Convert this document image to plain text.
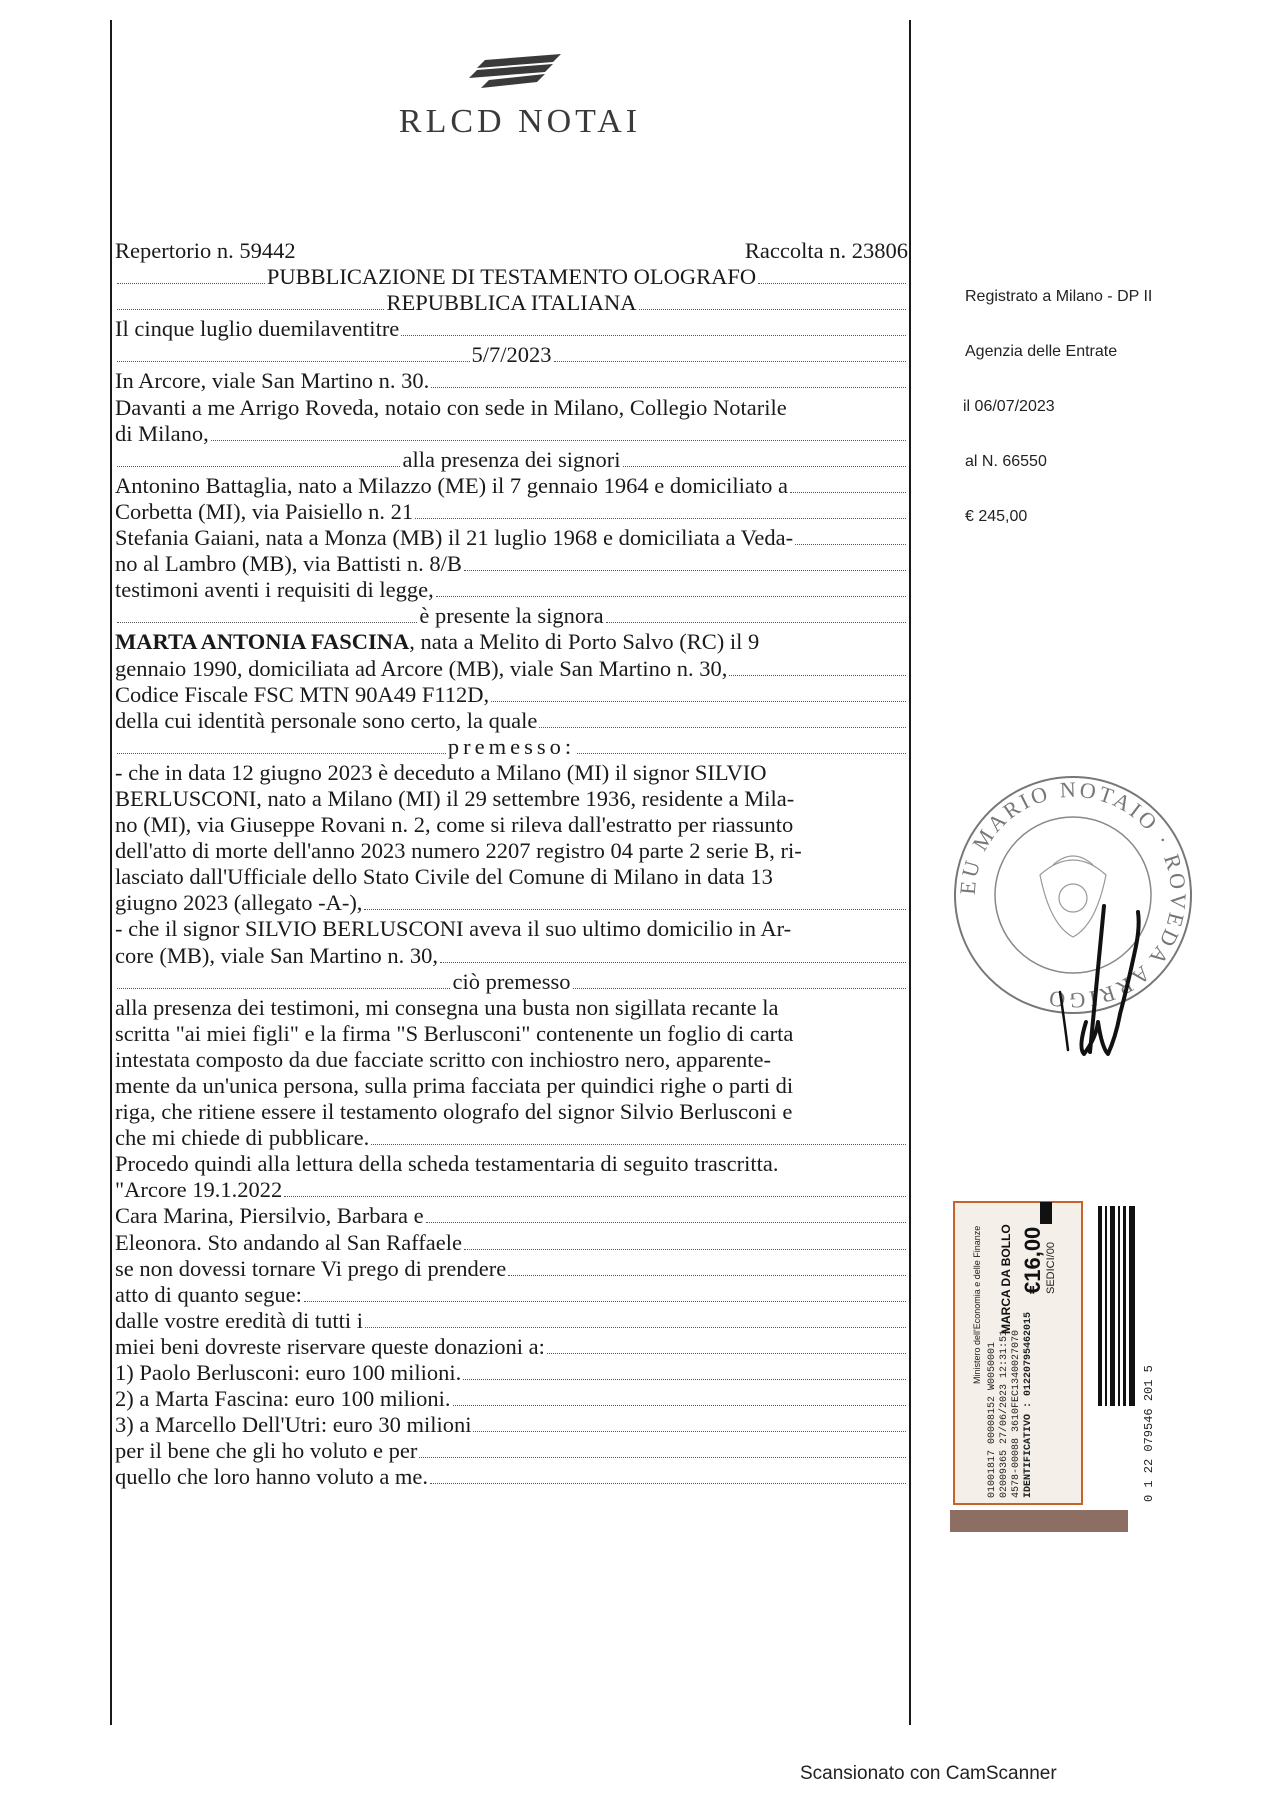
RLCD NOTAI
Repertorio n. 59442	Raccolta n. 23806
PUBBLICAZIONE DI TESTAMENTO OLOGRAFO
REPUBBLICA ITALIANA
Il cinque luglio duemilaventitre
5/7/2023
In Arcore, viale San Martino n. 30.
Davanti a me Arrigo Roveda, notaio con sede in Milano, Collegio Notarile
di Milano,
alla presenza dei signori
Antonino Battaglia, nato a Milazzo (ME) il 7 gennaio 1964 e domiciliato a
Corbetta (MI), via Paisiello n. 21
Stefania Gaiani, nata a Monza (MB) il 21 luglio 1968 e domiciliata a Veda-
no al Lambro (MB), via Battisti n. 8/B
testimoni aventi i requisiti di legge,
è presente la signora
MARTA ANTONIA FASCINA , nata a Melito di Porto Salvo (RC) il 9
gennaio 1990, domiciliata ad Arcore (MB), viale San Martino n. 30,
Codice Fiscale FSC MTN 90A49 F112D,
della cui identità personale sono certo, la quale
premesso:
- che in data 12 giugno 2023 è deceduto a Milano (MI) il signor SILVIO
BERLUSCONI, nato a Milano (MI) il 29 settembre 1936, residente a Mila-
no (MI), via Giuseppe Rovani n. 2, come si rileva dall'estratto per riassunto
dell'atto di morte dell'anno 2023 numero 2207 registro 04 parte 2 serie B, ri-
lasciato dall'Ufficiale dello Stato Civile del Comune di Milano in data 13
giugno 2023 (allegato -A-),
- che il signor SILVIO BERLUSCONI aveva il suo ultimo domicilio in Ar-
core (MB), viale San Martino n. 30,
ciò premesso
alla presenza dei testimoni, mi consegna una busta non sigillata recante la
scritta "ai miei figli" e la firma "S Berlusconi" contenente un foglio di carta
intestata composto da due facciate scritto con inchiostro nero, apparente-
mente da un'unica persona, sulla prima facciata per quindici righe o parti di
riga, che ritiene essere il testamento olografo del signor Silvio Berlusconi e
che mi chiede di pubblicare.
Procedo quindi alla lettura della scheda testamentaria di seguito trascritta.
"Arcore 19.1.2022
Cara Marina, Piersilvio, Barbara e
Eleonora. Sto andando al San Raffaele
se non dovessi tornare Vi prego di prendere
atto di quanto segue:
dalle vostre eredità di tutti i
miei beni dovreste riservare queste donazioni a:
1) Paolo Berlusconi: euro 100 milioni.
2) a Marta Fascina: euro 100 milioni.
3) a Marcello Dell'Utri: euro 30 milioni
per il bene che gli ho voluto e per
quello che loro hanno voluto a me.
Registrato a Milano - DP II
Agenzia delle Entrate
il 06/07/2023
al N. 66550
€ 245,00
EU MARIO NOTAIO · ROVEDA ARRIGO
Ministero dell'Economia e delle Finanze
01001817 00008152 W0050001 02009365 27/06/2023 12:31:51 4578-00088 3610FEC1340027070 IDENTIFICATIVO : 01220795462015
MARCA DA BOLLO €16,00 SEDICI/00
0 1 22 079546 201 5
Scansionato con CamScanner
